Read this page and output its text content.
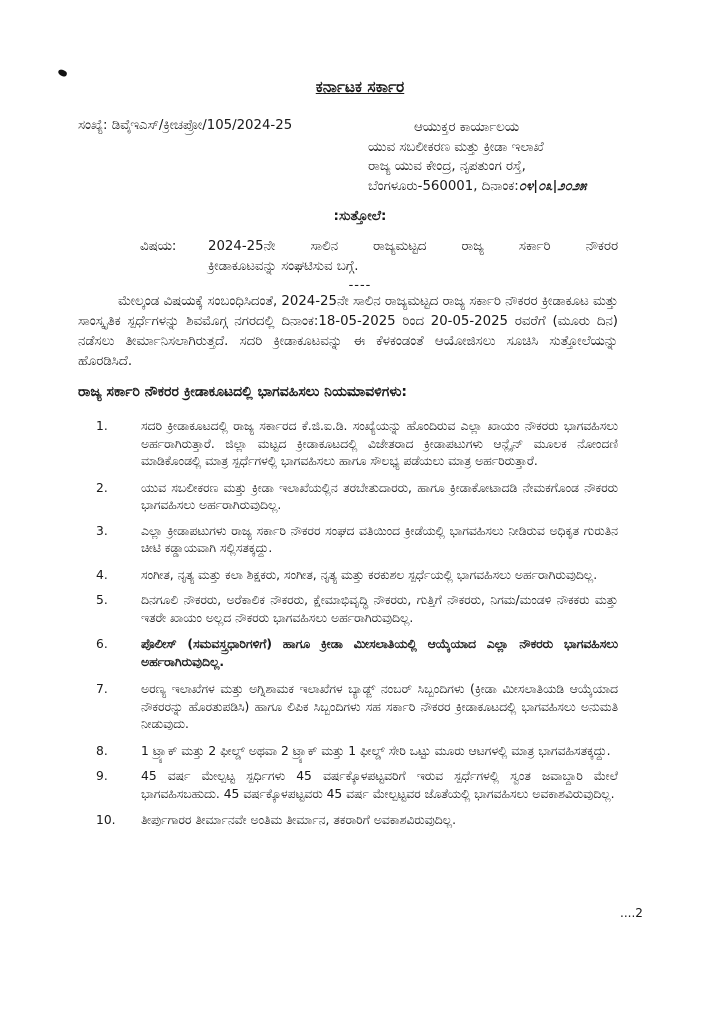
ಕರ್ನಾಟಕ ಸರ್ಕಾರ
ಸಂಖ್ಯೆ: ಡಿವೈಇಎಸ್/ಕ್ರೀಚಪ್ರೋ/105/2024-25	ಆಯುಕ್ತರ ಕಾರ್ಯಾಲಯ
ಯುವ ಸಬಲೀಕರಣ ಮತ್ತು ಕ್ರೀಡಾ ಇಲಾಖೆ
ರಾಜ್ಯ ಯುವ ಕೇಂದ್ರ, ನೃಪತುಂಗ ರಸ್ತೆ,
ಬೆಂಗಳೂರು-560001, ದಿನಾಂಕ:೦೪|೦೩|೨೦೨೫
:ಸುತ್ತೋಲೆ:
ವಿಷಯ: 2024-25ನೇ ಸಾಲಿನ ರಾಜ್ಯಮಟ್ಟದ ರಾಜ್ಯ ಸರ್ಕಾರಿ ನೌಕರರ
ಕ್ರೀಡಾಕೂಟವನ್ನು ಸಂಘಟಿಸುವ ಬಗ್ಗೆ.
----
ಮೇಲ್ಕಂಡ ವಿಷಯಕ್ಕೆ ಸಂಬಂಧಿಸಿದಂತೆ, 2024-25ನೇ ಸಾಲಿನ ರಾಜ್ಯಮಟ್ಟದ ರಾಜ್ಯ ಸರ್ಕಾರಿ ನೌಕರರ ಕ್ರೀಡಾಕೂಟ ಮತ್ತು ಸಾಂಸ್ಕೃತಿಕ ಸ್ಪರ್ಧೆಗಳನ್ನು ಶಿವಮೊಗ್ಗ ನಗರದಲ್ಲಿ ದಿನಾಂಕ:18-05-2025 ರಿಂದ 20-05-2025 ರವರೆಗೆ (ಮೂರು ದಿನ) ನಡೆಸಲು ತೀರ್ಮಾನಿಸಲಾಗಿರುತ್ತದೆ. ಸದರಿ ಕ್ರೀಡಾಕೂಟವನ್ನು ಈ ಕೆಳಕಂಡಂತೆ ಆಯೋಜಿಸಲು ಸೂಚಿಸಿ ಸುತ್ತೋಲೆಯನ್ನು ಹೊರಡಿಸಿದೆ.
ರಾಜ್ಯ ಸರ್ಕಾರಿ ನೌಕರರ ಕ್ರೀಡಾಕೂಟದಲ್ಲಿ ಭಾಗವಹಿಸಲು ನಿಯಮಾವಳಿಗಳು:
1.	ಸದರಿ ಕ್ರೀಡಾಕೂಟದಲ್ಲಿ ರಾಜ್ಯ ಸರ್ಕಾರದ ಕೆ.ಜಿ.ಐ.ಡಿ. ಸಂಖ್ಯೆಯನ್ನು ಹೊಂದಿರುವ ಎಲ್ಲಾ ಖಾಯಂ ನೌಕರರು ಭಾಗವಹಿಸಲು ಅರ್ಹರಾಗಿರುತ್ತಾರೆ. ಜಿಲ್ಲಾ ಮಟ್ಟದ ಕ್ರೀಡಾಕೂಟದಲ್ಲಿ ವಿಜೇತರಾದ ಕ್ರೀಡಾಪಟುಗಳು ಆನ್ಲೈನ್ ಮೂಲಕ ನೋಂದಣಿ ಮಾಡಿಕೊಂಡಲ್ಲಿ ಮಾತ್ರ ಸ್ಪರ್ಧೆಗಳಲ್ಲಿ ಭಾಗವಹಿಸಲು ಹಾಗೂ ಸೌಲಭ್ಯ ಪಡೆಯಲು ಮಾತ್ರ ಅರ್ಹರಿರುತ್ತಾರೆ.
2.	ಯುವ ಸಬಲೀಕರಣ ಮತ್ತು ಕ್ರೀಡಾ ಇಲಾಖೆಯಲ್ಲಿನ ತರಬೇತುದಾರರು, ಹಾಗೂ ಕ್ರೀಡಾಕೋಟಾದಡಿ ನೇಮಕಗೊಂಡ ನೌಕರರು ಭಾಗವಹಿಸಲು ಅರ್ಹರಾಗಿರುವುದಿಲ್ಲ.
3.	ಎಲ್ಲಾ ಕ್ರೀಡಾಪಟುಗಳು ರಾಜ್ಯ ಸರ್ಕಾರಿ ನೌಕರರ ಸಂಘದ ವತಿಯಿಂದ ಕ್ರೀಡೆಯಲ್ಲಿ ಭಾಗವಹಿಸಲು ನೀಡಿರುವ ಅಧಿಕೃತ ಗುರುತಿನ ಚೀಟಿ ಕಡ್ಡಾಯವಾಗಿ ಸಲ್ಲಿಸತಕ್ಕದ್ದು.
4.	ಸಂಗೀತ, ನೃತ್ಯ ಮತ್ತು ಕಲಾ ಶಿಕ್ಷಕರು, ಸಂಗೀತ, ನೃತ್ಯ ಮತ್ತು ಕರಕುಶಲ ಸ್ಪರ್ಧೆಯಲ್ಲಿ ಭಾಗವಹಿಸಲು ಅರ್ಹರಾಗಿರುವುದಿಲ್ಲ.
5.	ದಿನಗೂಲಿ ನೌಕರರು, ಅರೆಕಾಲಿಕ ನೌಕರರು, ಕ್ಷೇಮಾಭಿವೃದ್ಧಿ ನೌಕರರು, ಗುತ್ತಿಗೆ ನೌಕರರು, ನಿಗಮ/ಮಂಡಳಿ ನೌಕಕರು ಮತ್ತು ಇತರೇ ಖಾಯಂ ಅಲ್ಲದ ನೌಕರರು ಭಾಗವಹಿಸಲು ಅರ್ಹರಾಗಿರುವುದಿಲ್ಲ.
6.	ಪೊಲೀಸ್ (ಸಮವಸ್ತ್ರಧಾರಿಗಳಿಗೆ) ಹಾಗೂ ಕ್ರೀಡಾ ಮೀಸಲಾತಿಯಲ್ಲಿ ಆಯ್ಕೆಯಾದ ಎಲ್ಲಾ ನೌಕರರು ಭಾಗವಹಿಸಲು ಅರ್ಹರಾಗಿರುವುದಿಲ್ಲ.
7.	ಅರಣ್ಯ ಇಲಾಖೆಗಳ ಮತ್ತು ಅಗ್ನಿಶಾಮಕ ಇಲಾಖೆಗಳ ಬ್ಯಾಡ್ಜ್ ನಂಬರ್ ಸಿಬ್ಬಂದಿಗಳು (ಕ್ರೀಡಾ ಮೀಸಲಾತಿಯಡಿ ಆಯ್ಕೆಯಾದ ನೌಕರರನ್ನು ಹೊರತುಪಡಿಸಿ) ಹಾಗೂ ಲಿಪಿಕ ಸಿಬ್ಬಂದಿಗಳು ಸಹ ಸರ್ಕಾರಿ ನೌಕರರ ಕ್ರೀಡಾಕೂಟದಲ್ಲಿ ಭಾಗವಹಿಸಲು ಅನುಮತಿ ನೀಡುವುದು.
8.	1 ಟ್ರ್ಯಾಕ್ ಮತ್ತು 2 ಫೀಲ್ಡ್ ಅಥವಾ 2 ಟ್ರ್ಯಾಕ್ ಮತ್ತು 1 ಫೀಲ್ಡ್ ಸೇರಿ ಒಟ್ಟು ಮೂರು ಆಟಗಳಲ್ಲಿ ಮಾತ್ರ ಭಾಗವಹಿಸತಕ್ಕದ್ದು.
9.	45 ವರ್ಷ ಮೇಲ್ಪಟ್ಟ ಸ್ಪರ್ಧಿಗಳು 45 ವರ್ಷಕ್ಕೊಳಪಟ್ಟವರಿಗೆ ಇರುವ ಸ್ಪರ್ಧೆಗಳಲ್ಲಿ ಸ್ವಂತ ಜವಾಬ್ದಾರಿ ಮೇಲೆ ಭಾಗವಹಿಸಬಹುದು. 45 ವರ್ಷಕ್ಕೊಳಪಟ್ಟವರು 45 ವರ್ಷ ಮೇಲ್ಪಟ್ಟವರ ಜೊತೆಯಲ್ಲಿ ಭಾಗವಹಿಸಲು ಅವಕಾಶವಿರುವುದಿಲ್ಲ.
10. ತೀರ್ಪುಗಾರರ ತೀರ್ಮಾನವೇ ಅಂತಿಮ ತೀರ್ಮಾನ, ತಕರಾರಿಗೆ ಅವಕಾಶವಿರುವುದಿಲ್ಲ.
....2
